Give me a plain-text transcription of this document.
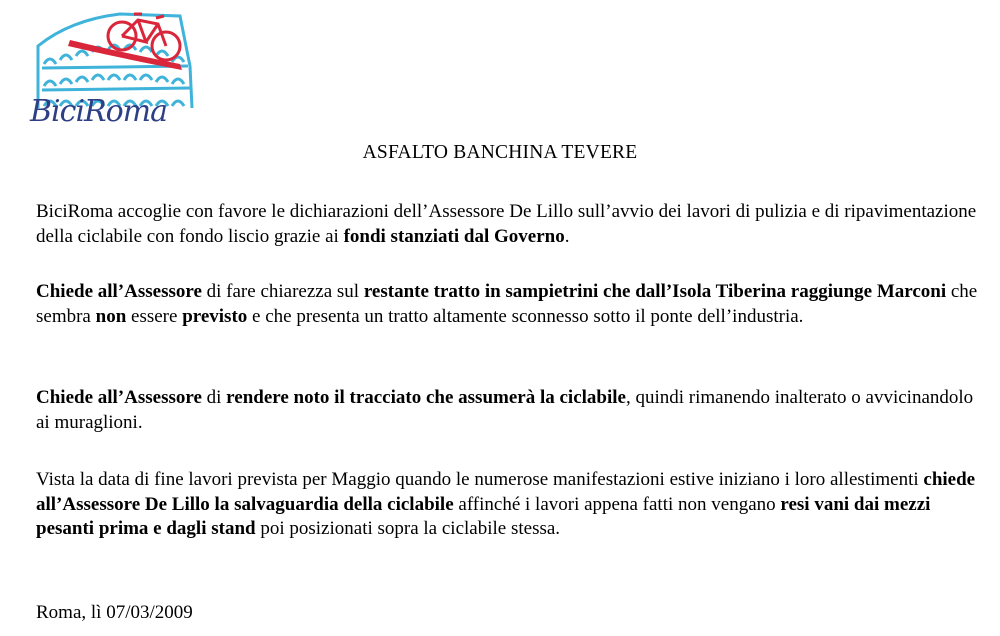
BiciRoma
ASFALTO BANCHINA TEVERE

BiciRoma accoglie con favore le dichiarazioni dell’Assessore De Lillo sull’avvio dei lavori di pulizia e di ripavimentazione della ciclabile con fondo liscio grazie ai fondi stanziati dal Governo.

Chiede all’Assessore di fare chiarezza sul restante tratto in sampietrini che dall’Isola Tiberina raggiunge Marconi che sembra non essere previsto e che presenta un tratto altamente sconnesso sotto il ponte dell’industria.

Chiede all’Assessore di rendere noto il tracciato che assumerà la ciclabile, quindi rimanendo inalterato o avvicinandolo ai muraglioni.

Vista la data di fine lavori prevista per Maggio quando le numerose manifestazioni estive iniziano i loro allestimenti chiede all’Assessore De Lillo la salvaguardia della ciclabile affinché i lavori appena fatti non vengano resi vani dai mezzi pesanti prima e dagli stand poi posizionati sopra la ciclabile stessa.

Roma, lì 07/03/2009
